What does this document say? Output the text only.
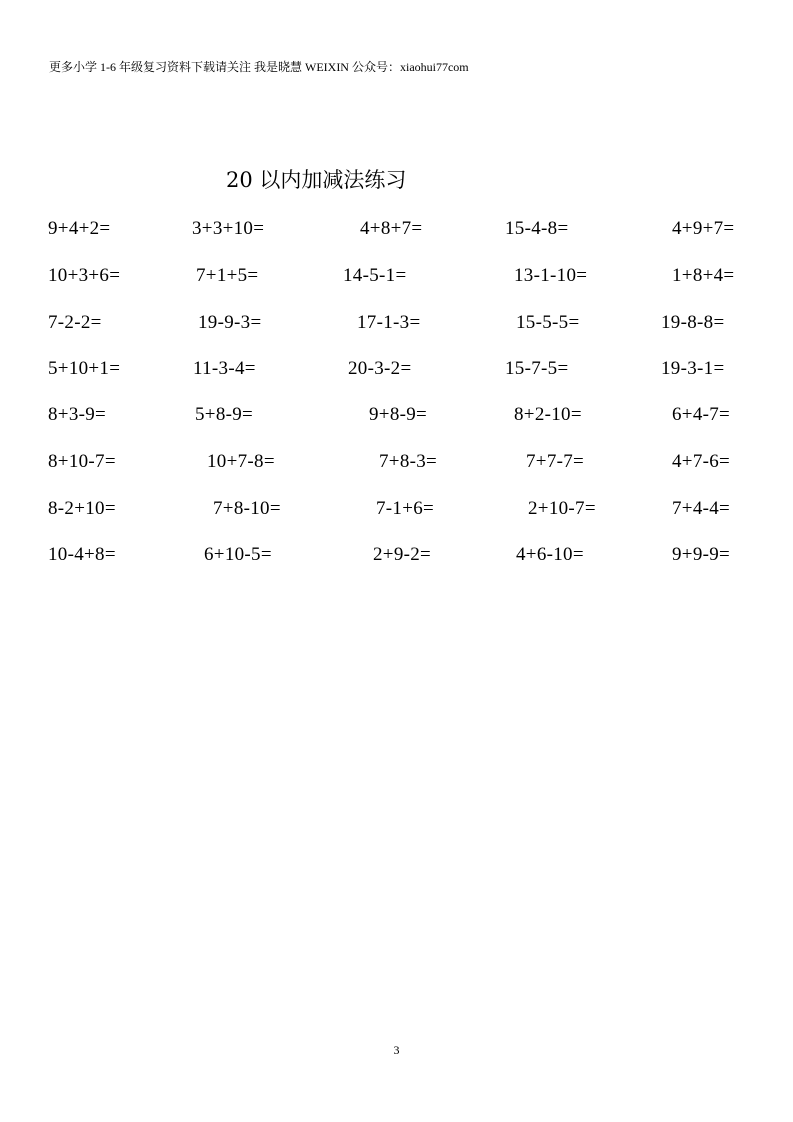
更多小学 1-6 年级复习资料下载请关注 我是晓慧 WEIXIN 公众号：xiaohui77com
20 以内加减法练习
9+4+2=	3+3+10=	4+8+7=	15-4-8=	4+9+7=
10+3+6=	7+1+5=	14-5-1=	13-1-10=	1+8+4=
7-2-2=	19-9-3=	17-1-3=	15-5-5=	19-8-8=
5+10+1=	11-3-4=	20-3-2=	15-7-5=	19-3-1=
8+3-9=	5+8-9=	9+8-9=	8+2-10=	6+4-7=
8+10-7=	10+7-8=	7+8-3=	7+7-7=	4+7-6=
8-2+10=	7+8-10=	7-1+6=	2+10-7=	7+4-4=
10-4+8=	6+10-5=	2+9-2=	4+6-10=	9+9-9=
3
